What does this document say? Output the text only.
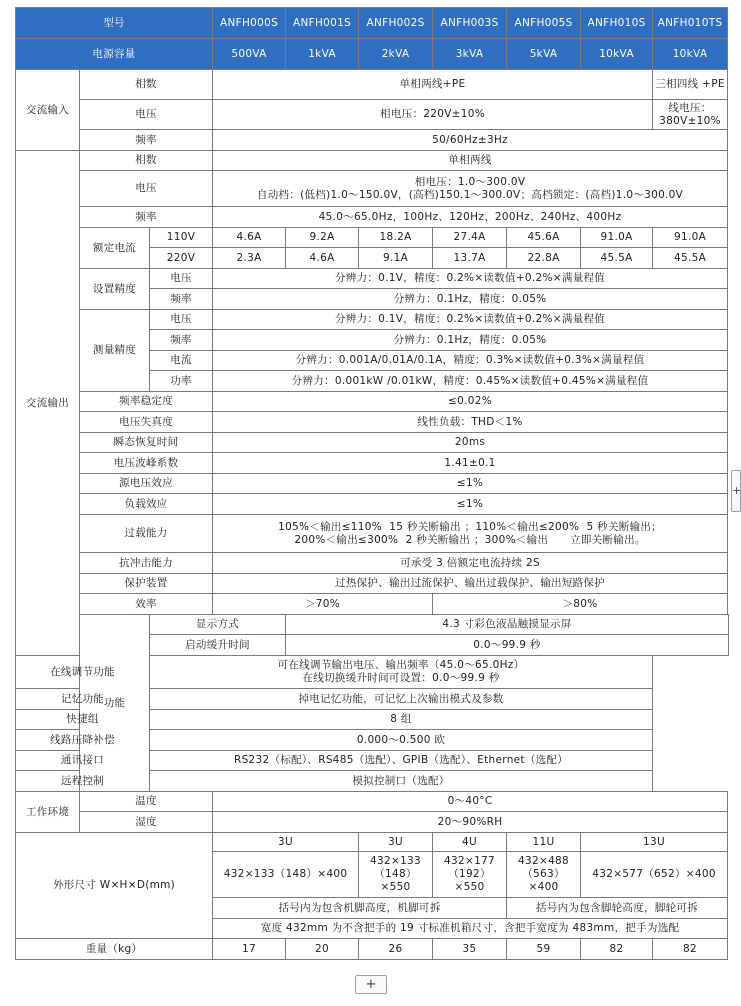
型号			ANFH000S	ANFH001S	ANFH002S	ANFH003S	ANFH005S	ANFH010S	ANFH010TS
电源容量			500VA	1kVA	2kVA	3kVA	5kVA	10kVA	10kVA
交流输入	相数		单相两线+PE						三相四线 +PE
	电压		相电压：220V±10%						线电压：380V±10%
	频率		50/60Hz±3Hz						
交流输出	相数		单相两线						
	电压		相电压：1.0～300.0V
自动档：(低档)1.0～150.0V，(高档)150.1～300.0V；高档锁定：(高档)1.0～300.0V						

	频率		45.0～65.0Hz，100Hz、120Hz、200Hz、240Hz、400Hz						
	额定电流	110V	4.6A	9.2A	18.2A	27.4A	45.6A	91.0A	91.0A
		220V	2.3A	4.6A	9.1A	13.7A	22.8A	45.5A	45.5A
	设置精度	电压	分辨力：0.1V，精度：0.2%×读数值+0.2%×满量程值						
		频率	分辨力：0.1Hz，精度：0.05%						
	测量精度	电压	分辨力：0.1V，精度：0.2%×读数值+0.2%×满量程值						
		频率	分辨力：0.1Hz，精度：0.05%						
		电流	分辨力：0.001A/0.01A/0.1A，精度：0.3%×读数值+0.3%×满量程值						
		功率	分辨力：0.001kW /0.01kW，精度：0.45%×读数值+0.45%×满量程值						
	频率稳定度		≤0.02%						
	电压失真度		线性负载：THD＜1%						
	瞬态恢复时间		20ms						
	电压波峰系数		1.41±0.1						
	源电压效应		≤1%						
	负载效应		≤1%						
	过载能力		105%＜输出≤110%  15 秒关断输出 ；110%＜输出≤200%  5 秒关断输出；
200%＜输出≤300%  2 秒关断输出 ；300%＜输出      立即关断输出。						

	抗冲击能力		可承受 3 倍额定电流持续 2S						
	保护装置		过热保护、输出过流保护、输出过载保护、输出短路保护						
	效率		＞70%			＞80%			
	功能	显示方式		4.3 寸彩色液晶触摸显示屏					
		启动缓升时间		0.0～99.9 秒					
在线调节功能		可在线调节输出电压、输出频率（45.0～65.0Hz）
在线切换缓升时间可设置：0.0～99.9 秒							

记忆功能		掉电记忆功能，可记忆上次输出模式及参数							
快捷组		8 组							
线路压降补偿		0.000～0.500 欧							
通讯接口		RS232（标配）、RS485（选配）、GPIB（选配）、Ethernet（选配）							
远程控制		模拟控制口（选配）							
工作环境	温度		0～40°C						
	湿度		20～90%RH						
外形尺寸 W×H×D(mm)			3U		3U	4U	11U	13U	
			432×133（148）×400		432×133（148）×550	432×177（192）×550	432×488（563）×400	432×577（652）×400	
			括号内为包含机脚高度，机脚可拆				括号内为包含脚轮高度，脚轮可拆		
			宽度 432mm 为不含把手的 19 寸标准机箱尺寸，含把手宽度为 483mm，把手为选配						
重量（kg）			17	20	26	35	59	82	82
+
+
